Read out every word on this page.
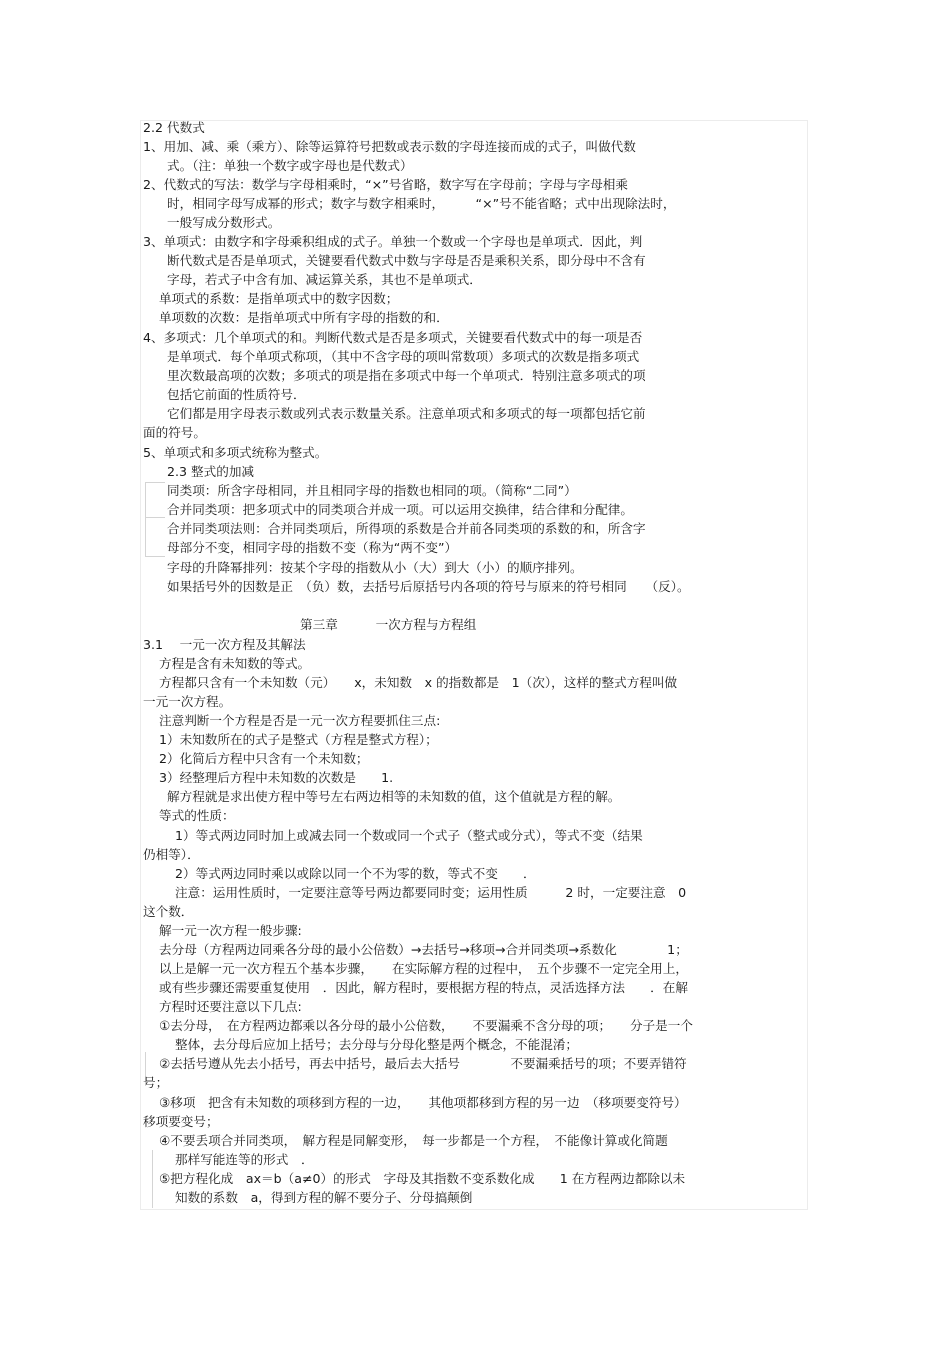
2.2 代数式
1、用加、减、乘（乘方）、除等运算符号把数或表示数的字母连接而成的式子，叫做代数
式。（注：单独一个数字或字母也是代数式）
2、代数式的写法：数学与字母相乘时，“×”号省略，数字写在字母前；字母与字母相乘
时，相同字母写成幂的形式；数字与数字相乘时，　　　“×”号不能省略；式中出现除法时，
一般写成分数形式。
3、单项式：由数字和字母乘积组成的式子。单独一个数或一个字母也是单项式．因此，判
断代数式是否是单项式，关键要看代数式中数与字母是否是乘积关系，即分母中不含有
字母，若式子中含有加、减运算关系，其也不是单项式．
单项式的系数：是指单项式中的数字因数；
单项数的次数：是指单项式中所有字母的指数的和．
4、多项式：几个单项式的和。判断代数式是否是多项式，关键要看代数式中的每一项是否
是单项式．每个单项式称项，（其中不含字母的项叫常数项）多项式的次数是指多项式
里次数最高项的次数；多项式的项是指在多项式中每一个单项式．特别注意多项式的项
包括它前面的性质符号．
它们都是用字母表示数或列式表示数量关系。注意单项式和多项式的每一项都包括它前
面的符号。
5、单项式和多项式统称为整式。
2.3 整式的加减
同类项：所含字母相同，并且相同字母的指数也相同的项。（简称“二同”）
合并同类项：把多项式中的同类项合并成一项。可以运用交换律，结合律和分配律。
合并同类项法则：合并同类项后，所得项的系数是合并前各同类项的系数的和，所含字
母部分不变，相同字母的指数不变（称为“两不变”）
字母的升降幂排列：按某个字母的指数从小（大）到大（小）的顺序排列。
如果括号外的因数是正　（负）数，去括号后原括号内各项的符号与原来的符号相同　　（反）。
第三章　　　一次方程与方程组
3.1　 一元一次方程及其解法
方程是含有未知数的等式。
方程都只含有一个未知数（元）　　x，未知数　x 的指数都是　1（次），这样的整式方程叫做
一元一次方程。
注意判断一个方程是否是一元一次方程要抓住三点:
1）未知数所在的式子是整式（方程是整式方程）；
2）化简后方程中只含有一个未知数；
3）经整理后方程中未知数的次数是　　1.
解方程就是求出使方程中等号左右两边相等的未知数的值，这个值就是方程的解。
等式的性质：
1）等式两边同时加上或减去同一个数或同一个式子（整式或分式），等式不变（结果
仍相等）．
2）等式两边同时乘以或除以同一个不为零的数，等式不变　　．
注意：运用性质时，一定要注意等号两边都要同时变；运用性质　　　2 时，一定要注意　0
这个数．
解一元一次方程一般步骤:
去分母（方程两边同乘各分母的最小公倍数）→去括号→移项→合并同类项→系数化　　　　1；
以上是解一元一次方程五个基本步骤，　　在实际解方程的过程中，　五个步骤不一定完全用上，
或有些步骤还需要重复使用　．因此，解方程时，要根据方程的特点，灵活选择方法　　．在解
方程时还要注意以下几点:
①去分母，　在方程两边都乘以各分母的最小公倍数，　　不要漏乘不含分母的项；　　分子是一个
整体，去分母后应加上括号；去分母与分母化整是两个概念，不能混淆；
②去括号遵从先去小括号，再去中括号，最后去大括号　　　　不要漏乘括号的项；不要弄错符
号；
③移项　把含有未知数的项移到方程的一边，　　其他项都移到方程的另一边　（移项要变符号）
移项要变号；
④不要丢项合并同类项，　解方程是同解变形，　每一步都是一个方程，　不能像计算或化简题
那样写能连等的形式　．
⑤把方程化成　ax＝b（a≠0）的形式　字母及其指数不变系数化成　　1 在方程两边都除以未
知数的系数　a，得到方程的解不要分子、分母搞颠倒
